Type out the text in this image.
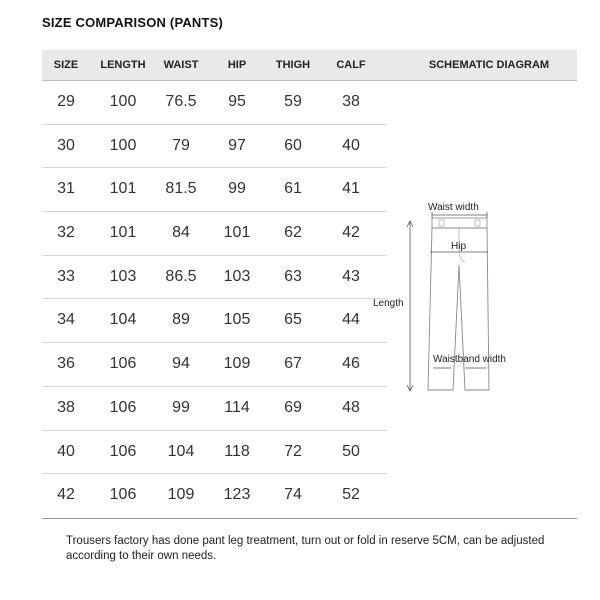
SIZE COMPARISON (PANTS)
SIZE	LENGTH	WAIST	HIP	THIGH	CALF	SCHEMATIC DIAGRAM
29	100	76.5	95	59	38
30	100	79	97	60	40
31	101	81.5	99	61	41
32	101	84	101	62	42
33	103	86.5	103	63	43
34	104	89	105	65	44
36	106	94	109	67	46
38	106	99	114	69	48
40	106	104	118	72	50
42	106	109	123	74	52
Waist width
Hip
Length
Waistband width
Trousers factory has done pant leg treatment, turn out or fold in reserve 5CM, can be adjusted according to their own needs.
